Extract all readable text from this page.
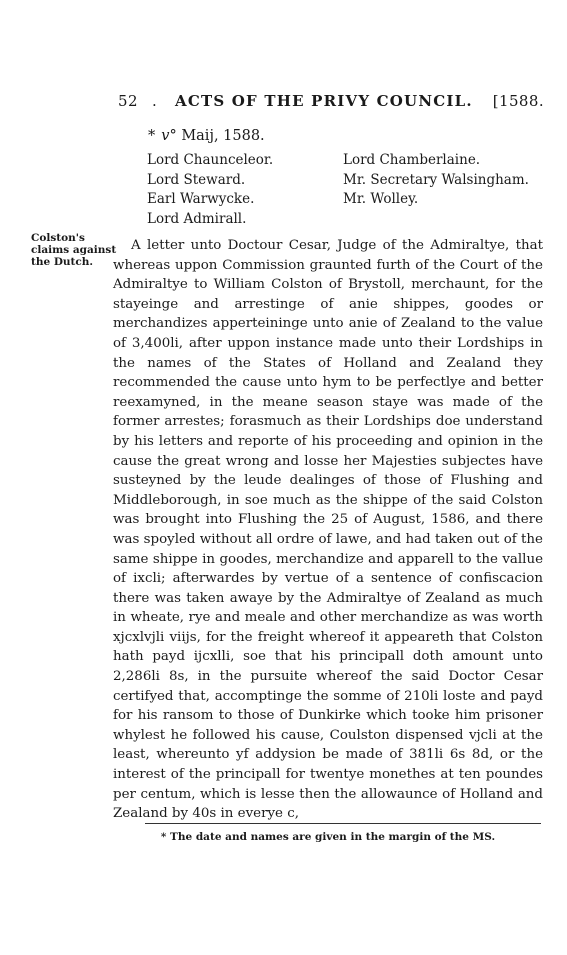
52 . ACTS OF THE PRIVY COUNCIL. [1588.
* v° Maij, 1588.
Lord Chaunceleor.
Lord Steward.
Earl Warwycke.
Lord Admirall.
Lord Chamberlaine.
Mr. Secretary Walsingham.
Mr. Wolley.
Colston's claims against the Dutch.

A letter unto Doctour Cesar, Judge of the Admiraltye, that whereas uppon Commission graunted furth of the Court of the Admiraltye to William Colston of Brystoll, merchaunt, for the stayeinge and arrestinge of anie shippes, goodes or merchandizes apperteininge unto anie of Zealand to the value of 3,400li, after uppon instance made unto their Lordships in the names of the States of Holland and Zealand they recommended the cause unto hym to be perfectlye and better reexamyned, in the meane season staye was made of the former arrestes; forasmuch as their Lordships doe understand by his letters and reporte of his proceeding and opinion in the cause the great wrong and losse her Majesties subjectes have susteyned by the leude dealinges of those of Flushing and Middleborough, in soe much as the shippe of the said Colston was brought into Flushing the 25 of August, 1586, and there was spoyled without all ordre of lawe, and had taken out of the same shippe in goodes, merchandize and apparell to the vallue of ixcli; afterwardes by vertue of a sentence of confiscacion there was taken awaye by the Admiraltye of Zealand as much in wheate, rye and meale and other merchandize as was worth xjcxlvjli viijs, for the freight whereof it appeareth that Colston hath payd ijcxlli, soe that his principall doth amount unto 2,286li 8s, in the pursuite whereof the said Doctor Cesar certifyed that, accomptinge the somme of 210li loste and payd for his ransom to those of Dunkirke which tooke him prisoner whylest he followed his cause, Coulston dispensed vjcli at the least, whereunto yf addysion be made of 381li 6s 8d, or the interest of the principall for twentye monethes at ten poundes per centum, which is lesse then the allowaunce of Holland and Zealand by 40s in everye c,

* The date and names are given in the margin of the MS.
